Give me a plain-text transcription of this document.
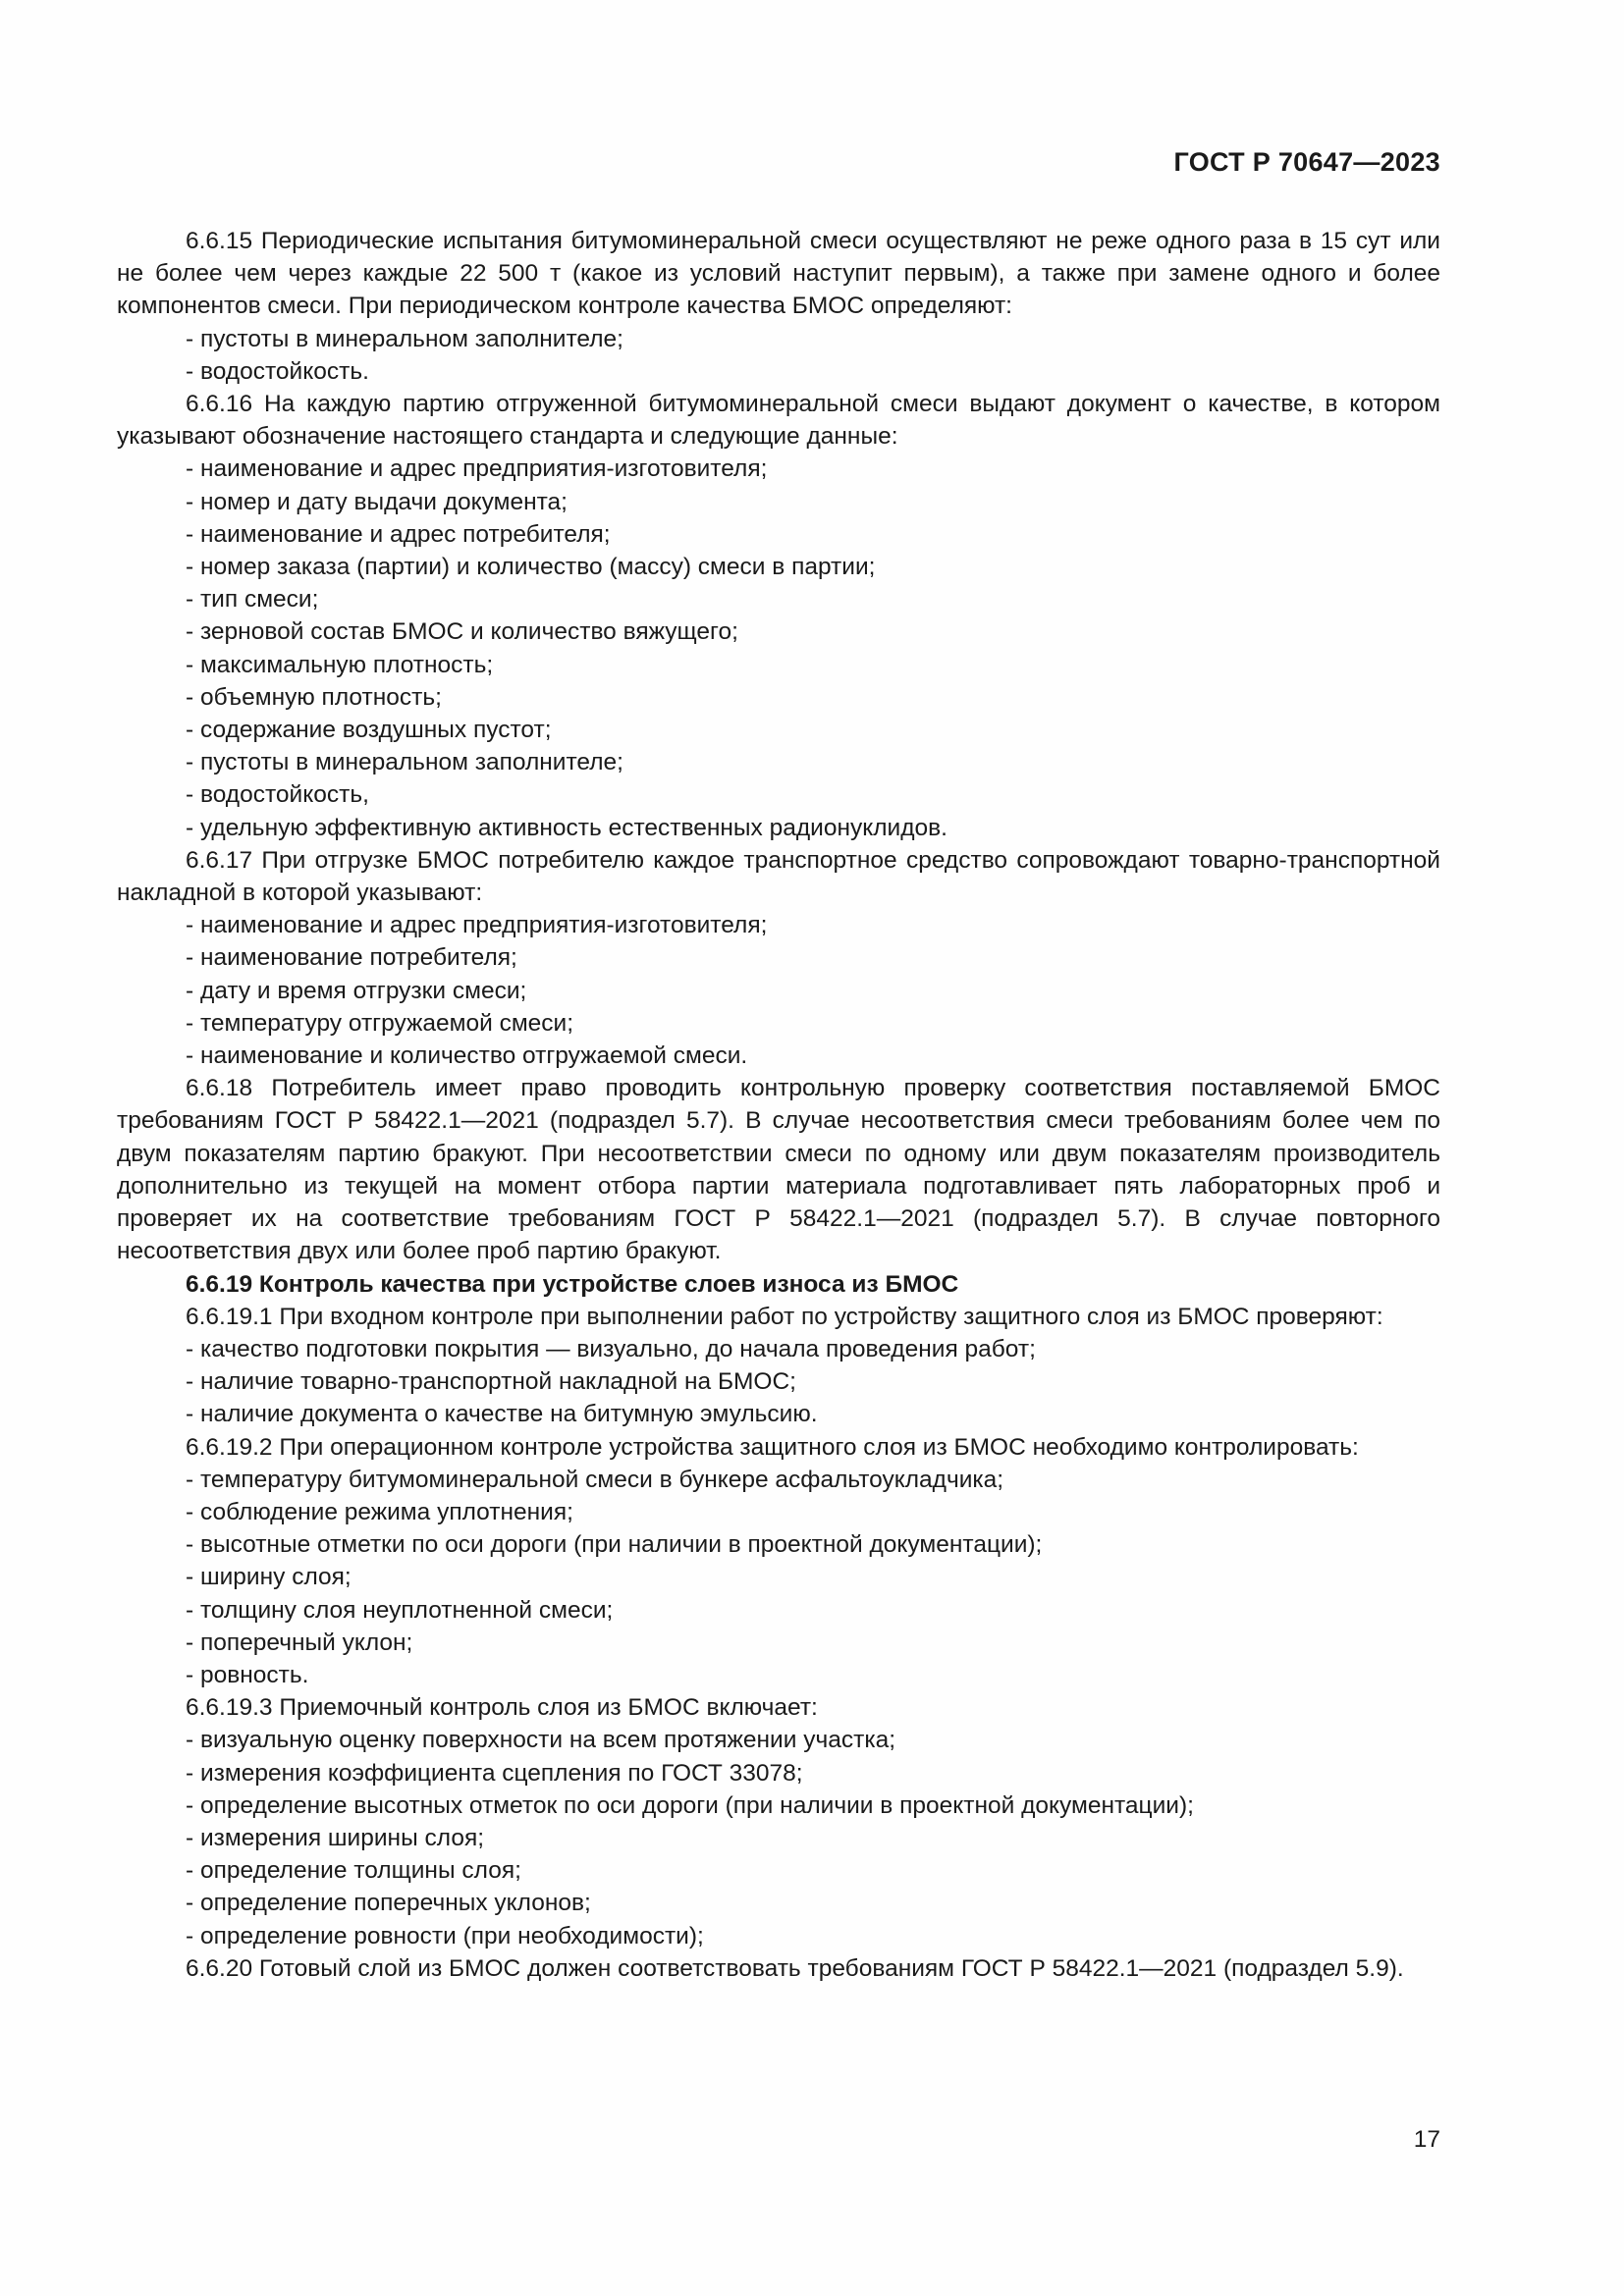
ГОСТ Р 70647—2023
6.6.15 Периодические испытания битумоминеральной смеси осуществляют не реже одного раза в 15 сут или не более чем через каждые 22 500 т (какое из условий наступит первым), а также при замене одного и более компонентов смеси. При периодическом контроле качества БМОС определяют:
- пустоты в минеральном заполнителе;
- водостойкость.
6.6.16 На каждую партию отгруженной битумоминеральной смеси выдают документ о качестве, в котором указывают обозначение настоящего стандарта и следующие данные:
- наименование и адрес предприятия-изготовителя;
- номер и дату выдачи документа;
- наименование и адрес потребителя;
- номер заказа (партии) и количество (массу) смеси в партии;
- тип смеси;
- зерновой состав БМОС и количество вяжущего;
- максимальную плотность;
- объемную плотность;
- содержание воздушных пустот;
- пустоты в минеральном заполнителе;
- водостойкость,
- удельную эффективную активность естественных радионуклидов.
6.6.17 При отгрузке БМОС потребителю каждое транспортное средство сопровождают товарно-транспортной накладной в которой указывают:
- наименование и адрес предприятия-изготовителя;
- наименование потребителя;
- дату и время отгрузки смеси;
- температуру отгружаемой смеси;
- наименование и количество отгружаемой смеси.
6.6.18 Потребитель имеет право проводить контрольную проверку соответствия поставляемой БМОС требованиям ГОСТ Р 58422.1—2021 (подраздел 5.7). В случае несоответствия смеси требованиям более чем по двум показателям партию бракуют. При несоответствии смеси по одному или двум показателям производитель дополнительно из текущей на момент отбора партии материала подготавливает пять лабораторных проб и проверяет их на соответствие требованиям ГОСТ Р 58422.1—2021 (подраздел 5.7). В случае повторного несоответствия двух или более проб партию бракуют.
6.6.19 Контроль качества при устройстве слоев износа из БМОС
6.6.19.1 При входном контроле при выполнении работ по устройству защитного слоя из БМОС проверяют:
- качество подготовки покрытия — визуально, до начала проведения работ;
- наличие товарно-транспортной накладной на БМОС;
- наличие документа о качестве на битумную эмульсию.
6.6.19.2 При операционном контроле устройства защитного слоя из БМОС необходимо контролировать:
- температуру битумоминеральной смеси в бункере асфальтоукладчика;
- соблюдение режима уплотнения;
- высотные отметки по оси дороги (при наличии в проектной документации);
- ширину слоя;
- толщину слоя неуплотненной смеси;
- поперечный уклон;
- ровность.
6.6.19.3 Приемочный контроль слоя из БМОС включает:
- визуальную оценку поверхности на всем протяжении участка;
- измерения коэффициента сцепления по ГОСТ 33078;
- определение высотных отметок по оси дороги (при наличии в проектной документации);
- измерения ширины слоя;
- определение толщины слоя;
- определение поперечных уклонов;
- определение ровности (при необходимости);
6.6.20 Готовый слой из БМОС должен соответствовать требованиям ГОСТ Р 58422.1—2021 (подраздел 5.9).
17
